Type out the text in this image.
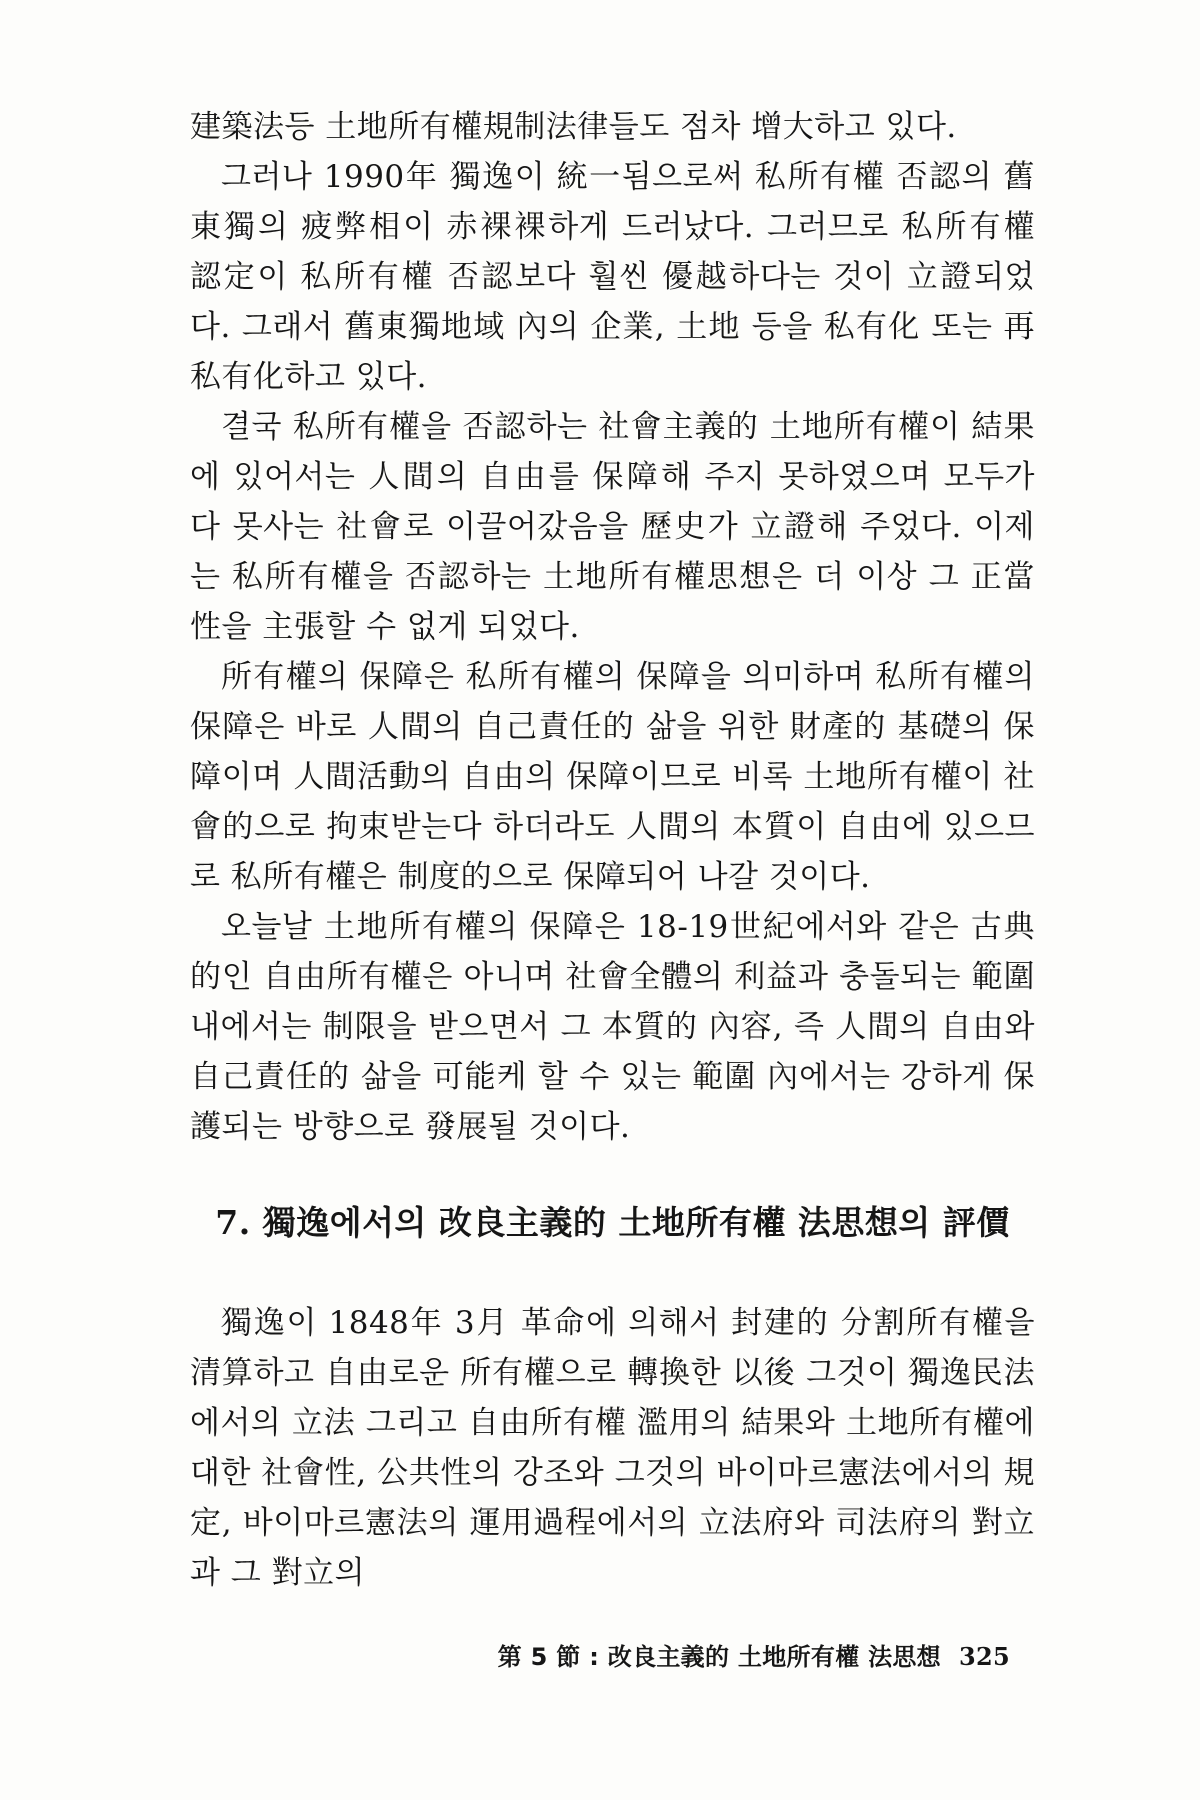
建築法등 土地所有權規制法律들도 점차 增大하고 있다.

그러나 1990年 獨逸이 統一됨으로써 私所有權 否認의 舊東獨의 疲弊相이 赤裸裸하게 드러났다. 그러므로 私所有權 認定이 私所有權 否認보다 훨씬 優越하다는 것이 立證되었다. 그래서 舊東獨地域 內의 企業, 土地 등을 私有化 또는 再私有化하고 있다.

결국 私所有權을 否認하는 社會主義的 土地所有權이 結果에 있어서는 人間의 自由를 保障해 주지 못하였으며 모두가 다 못사는 社會로 이끌어갔음을 歷史가 立證해 주었다. 이제는 私所有權을 否認하는 土地所有權思想은 더 이상 그 正當性을 主張할 수 없게 되었다.

所有權의 保障은 私所有權의 保障을 의미하며 私所有權의 保障은 바로 人間의 自己責任的 삶을 위한 財產的 基礎의 保障이며 人間活動의 自由의 保障이므로 비록 土地所有權이 社會的으로 拘束받는다 하더라도 人間의 本質이 自由에 있으므로 私所有權은 制度的으로 保障되어 나갈 것이다.

오늘날 土地所有權의 保障은 18-19世紀에서와 같은 古典的인 自由所有權은 아니며 社會全體의 利益과 충돌되는 範圍 내에서는 制限을 받으면서 그 本質的 內容, 즉 人間의 自由와 自己責任的 삶을 可能케 할 수 있는 範圍 內에서는 강하게 保護되는 방향으로 發展될 것이다.

7. 獨逸에서의 改良主義的 土地所有權 法思想의 評價

獨逸이 1848年 3月 革命에 의해서 封建的 分割所有權을 清算하고 自由로운 所有權으로 轉換한 以後 그것이 獨逸民法에서의 立法 그리고 自由所有權 濫用의 結果와 土地所有權에 대한 社會性, 公共性의 강조와 그것의 바이마르憲法에서의 規定, 바이마르憲法의 運用過程에서의 立法府와 司法府의 對立과 그 對立의

第 5 節 : 改良主義的 土地所有權 法思想 325
